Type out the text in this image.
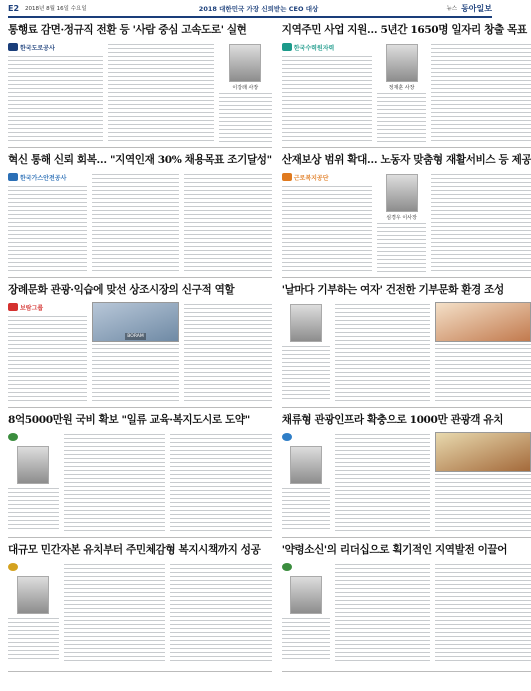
E2 2018년 8월 16일 수요일	2018 대한민국 가장 신뢰받는 CEO 대상	뉴스 동아일보
통행료 감면·정규직 전환 등 '사람 중심 고속도로' 실현
한국도로공사
이강래 사장
지역주민 사업 지원… 5년간 1650명 일자리 창출 목표
한국수력원자력
정재훈 사장
혁신 통해 신뢰 회복… "지역인재 30% 채용목표 조기달성"
한국가스안전공사
산재보상 범위 확대… 노동자 맞춤형 재활서비스 등 제공
근로복지공단
심경우 이사장
장례문화 관광·익습에 맞선 상조시장의 신구적 역할
보람그룹
BORAM
'날마다 기부하는 여자' 건전한 기부문화 환경 조성
8억5000만원 국비 확보 "일류 교육·복지도시로 도약"	채류형 관광인프라 확충으로 1000만 관광객 유치
대규모 민간자본 유치부터 주민체감형 복지시책까지 성공	'약령소신'의 리더십으로 획기적인 지역발전 이끌어
